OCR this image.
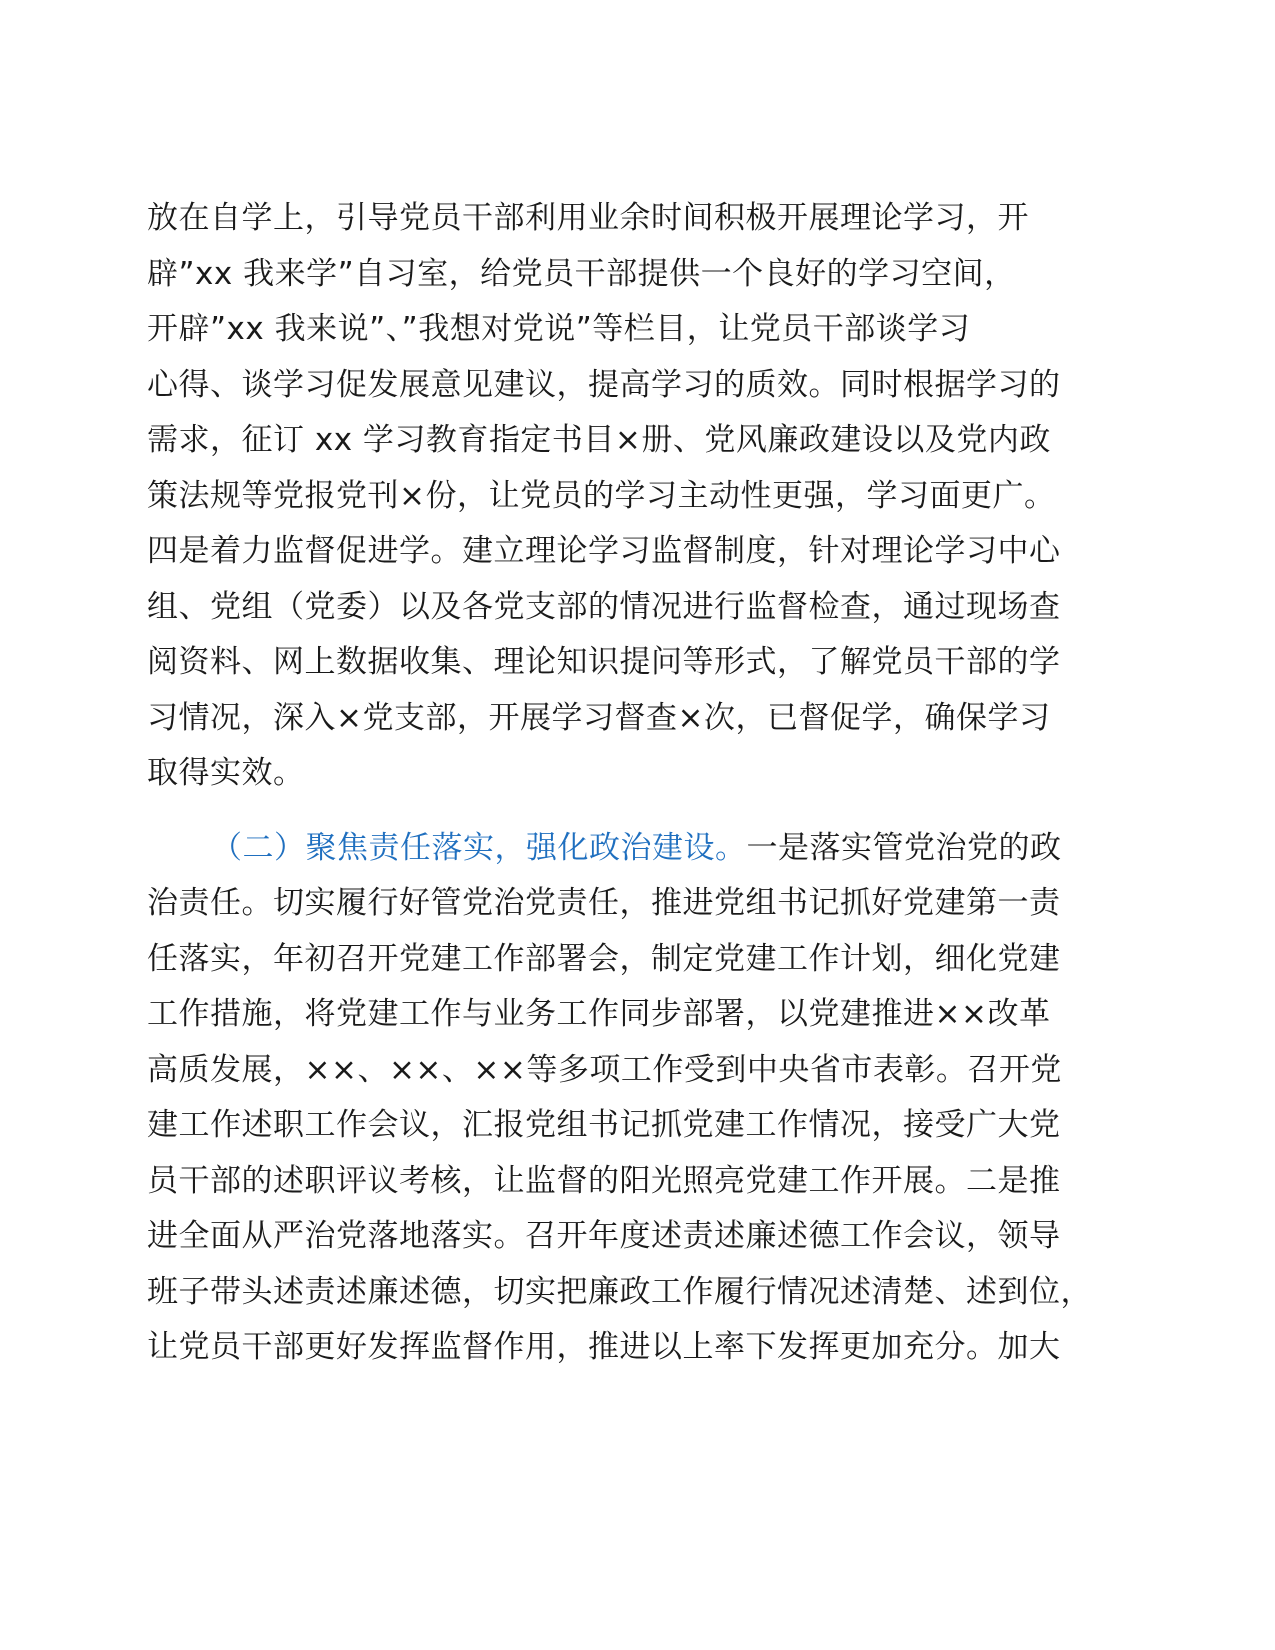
放在自学上，引导党员干部利用业余时间积极开展理论学习，开
辟”xx 我来学”自习室，给党员干部提供一个良好的学习空间，
开辟”xx 我来说”、”我想对党说”等栏目，让党员干部谈学习
心得、谈学习促发展意见建议，提高学习的质效。同时根据学习的
需求，征订 xx 学习教育指定书目×册、党风廉政建设以及党内政
策法规等党报党刊×份，让党员的学习主动性更强，学习面更广。
四是着力监督促进学。建立理论学习监督制度，针对理论学习中心
组、党组（党委）以及各党支部的情况进行监督检查，通过现场查
阅资料、网上数据收集、理论知识提问等形式，了解党员干部的学
习情况，深入×党支部，开展学习督查×次，已督促学，确保学习
取得实效。
（二）聚焦责任落实，强化政治建设。一是落实管党治党的政
治责任。切实履行好管党治党责任，推进党组书记抓好党建第一责
任落实，年初召开党建工作部署会，制定党建工作计划，细化党建
工作措施，将党建工作与业务工作同步部署，以党建推进××改革
高质发展，××、××、××等多项工作受到中央省市表彰。召开党
建工作述职工作会议，汇报党组书记抓党建工作情况，接受广大党
员干部的述职评议考核，让监督的阳光照亮党建工作开展。二是推
进全面从严治党落地落实。召开年度述责述廉述德工作会议，领导
班子带头述责述廉述德，切实把廉政工作履行情况述清楚、述到位，
让党员干部更好发挥监督作用，推进以上率下发挥更加充分。加大
